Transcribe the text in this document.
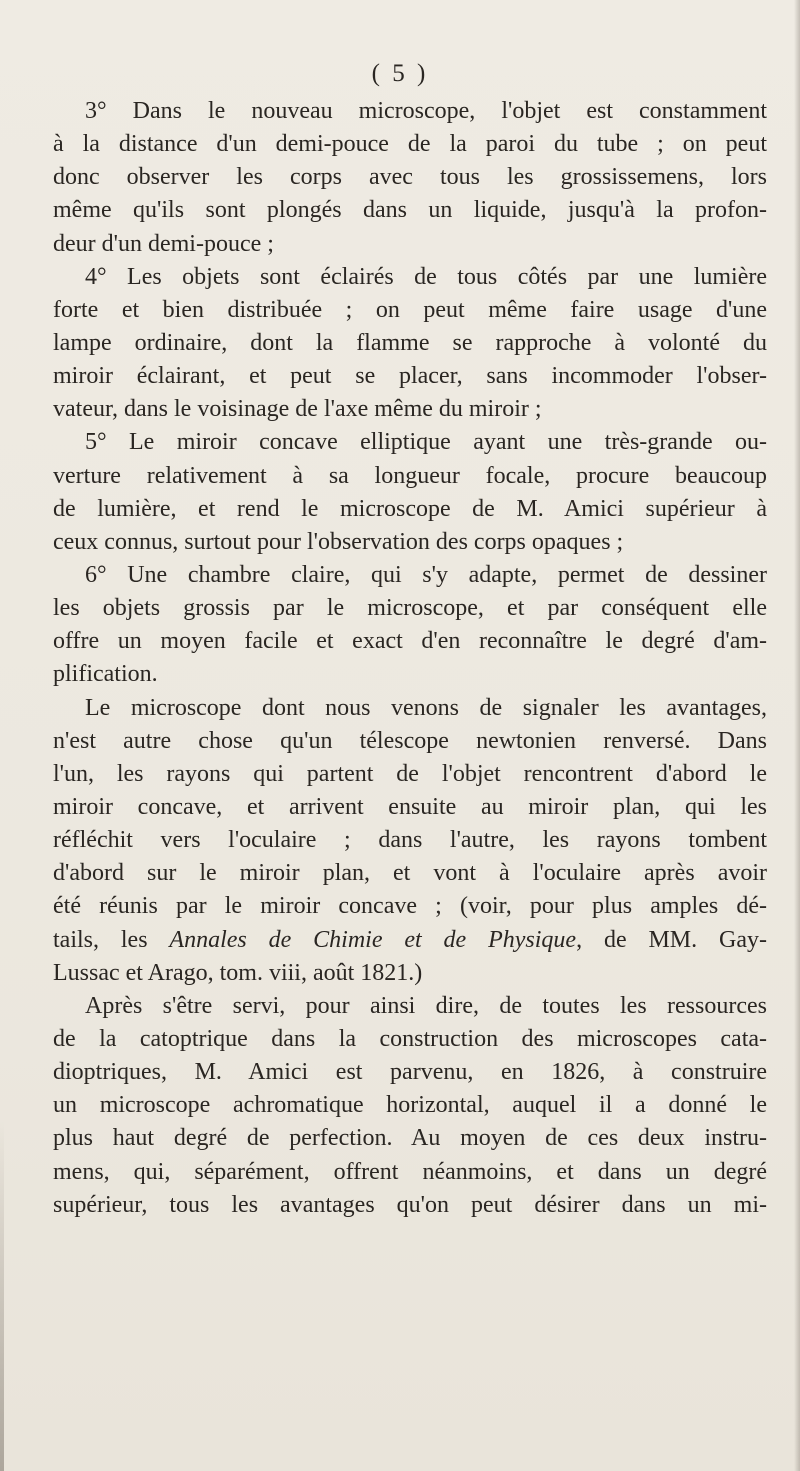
( 5 )
3° Dans le nouveau microscope, l'objet est constamment
à la distance d'un demi-pouce de la paroi du tube ; on peut
donc observer les corps avec tous les grossissemens, lors
même qu'ils sont plongés dans un liquide, jusqu'à la profon-
deur d'un demi-pouce ;
4° Les objets sont éclairés de tous côtés par une lumière
forte et bien distribuée ; on peut même faire usage d'une
lampe ordinaire, dont la flamme se rapproche à volonté du
miroir éclairant, et peut se placer, sans incommoder l'obser-
vateur, dans le voisinage de l'axe même du miroir ;
5° Le miroir concave elliptique ayant une très-grande ou-
verture relativement à sa longueur focale, procure beaucoup
de lumière, et rend le microscope de M. Amici supérieur à
ceux connus, surtout pour l'observation des corps opaques ;
6° Une chambre claire, qui s'y adapte, permet de dessiner
les objets grossis par le microscope, et par conséquent elle
offre un moyen facile et exact d'en reconnaître le degré d'am-
plification.
Le microscope dont nous venons de signaler les avantages,
n'est autre chose qu'un télescope newtonien renversé. Dans
l'un, les rayons qui partent de l'objet rencontrent d'abord le
miroir concave, et arrivent ensuite au miroir plan, qui les
réfléchit vers l'oculaire ; dans l'autre, les rayons tombent
d'abord sur le miroir plan, et vont à l'oculaire après avoir
été réunis par le miroir concave ; (voir, pour plus amples dé-
tails, les Annales de Chimie et de Physique, de MM. Gay-
Lussac et Arago, tom. viii, août 1821.)
Après s'être servi, pour ainsi dire, de toutes les ressources
de la catoptrique dans la construction des microscopes cata-
dioptriques, M. Amici est parvenu, en 1826, à construire
un microscope achromatique horizontal, auquel il a donné le
plus haut degré de perfection. Au moyen de ces deux instru-
mens, qui, séparément, offrent néanmoins, et dans un degré
supérieur, tous les avantages qu'on peut désirer dans un mi-
